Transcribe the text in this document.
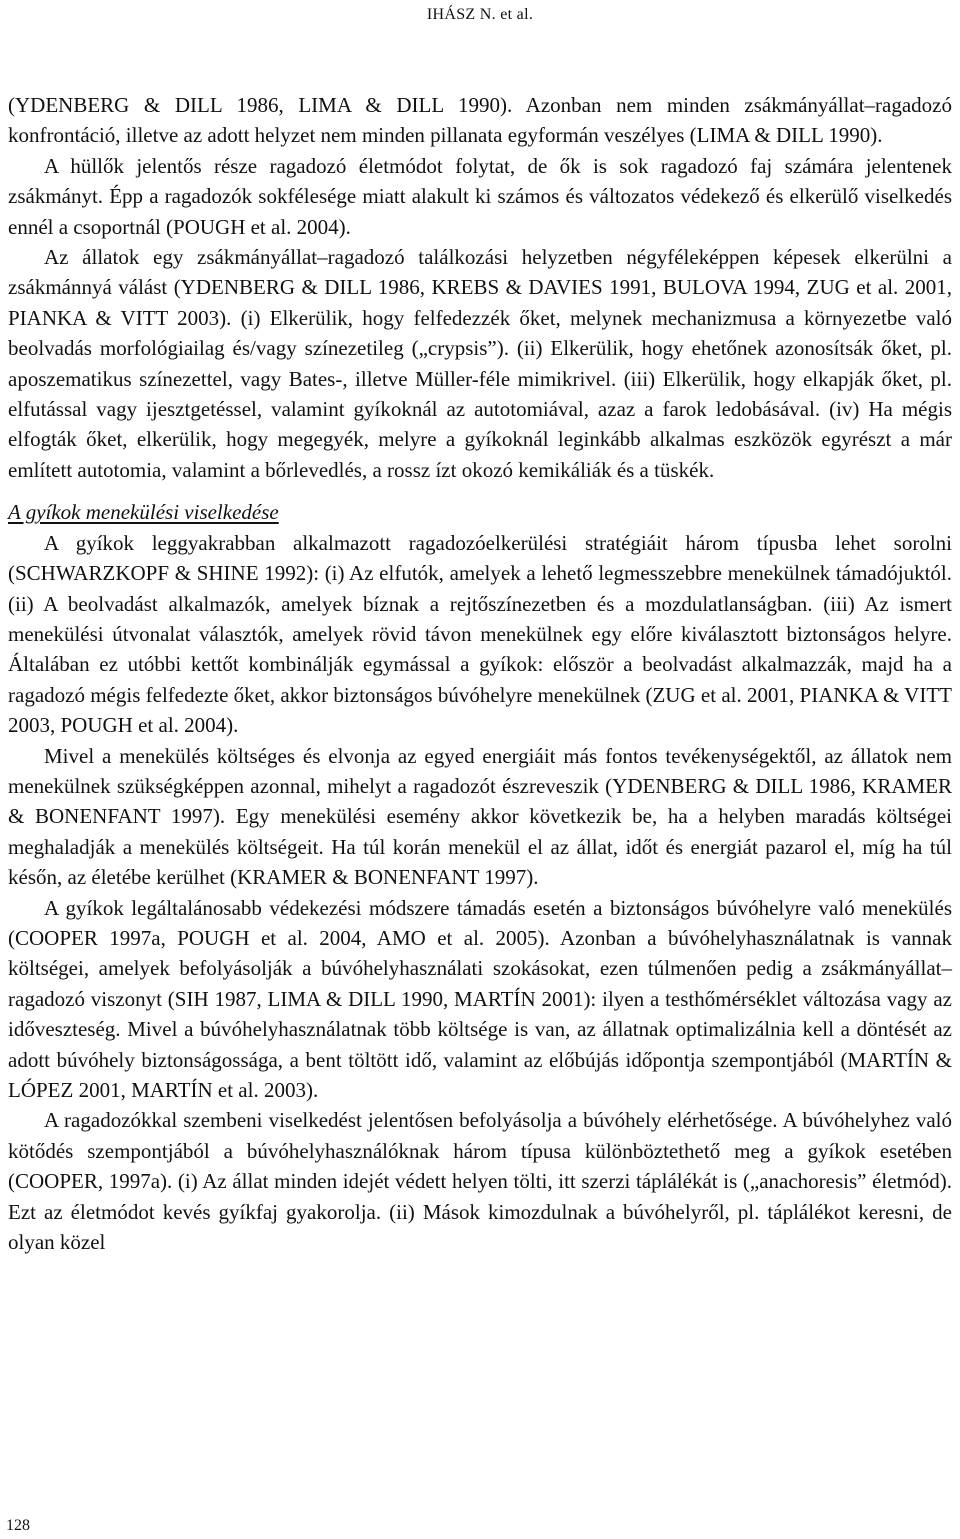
IHÁSZ N. et al.

(YDENBERG & DILL 1986, LIMA & DILL 1990). Azonban nem minden zsákmányállat–ragadozó konfrontáció, illetve az adott helyzet nem minden pillanata egyformán veszélyes (LIMA & DILL 1990).

A hüllők jelentős része ragadozó életmódot folytat, de ők is sok ragadozó faj számára jelentenek zsákmányt. Épp a ragadozók sokfélesége miatt alakult ki számos és változatos védekező és elkerülő viselkedés ennél a csoportnál (POUGH et al. 2004).

Az állatok egy zsákmányállat–ragadozó találkozási helyzetben négyféleképpen képesek elkerülni a zsákmánnyá válást (YDENBERG & DILL 1986, KREBS & DAVIES 1991, BULOVA 1994, ZUG et al. 2001, PIANKA & VITT 2003). (i) Elkerülik, hogy felfedezzék őket, melynek mechanizmusa a környezetbe való beolvadás morfológiailag és/vagy színezetileg („crypsis”). (ii) Elkerülik, hogy ehetőnek azonosítsák őket, pl. aposzematikus színezettel, vagy Bates-, illetve Müller-féle mimikrivel. (iii) Elkerülik, hogy elkapják őket, pl. elfutással vagy ijesztgetéssel, valamint gyíkoknál az autotomiával, azaz a farok ledobásával. (iv) Ha mégis elfogták őket, elkerülik, hogy megegyék, melyre a gyíkoknál leginkább alkalmas eszközök egyrészt a már említett autotomia, valamint a bőrlevedlés, a rossz ízt okozó kemikáliák és a tüskék.

A gyíkok menekülési viselkedése

A gyíkok leggyakrabban alkalmazott ragadozóelkerülési stratégiáit három típusba lehet sorolni (SCHWARZKOPF & SHINE 1992): (i) Az elfutók, amelyek a lehető legmesszebbre menekülnek támadójuktól. (ii) A beolvadást alkalmazók, amelyek bíznak a rejtőszínezetben és a mozdulatlanságban. (iii) Az ismert menekülési útvonalat választók, amelyek rövid távon menekülnek egy előre kiválasztott biztonságos helyre. Általában ez utóbbi kettőt kombinálják egymással a gyíkok: először a beolvadást alkalmazzák, majd ha a ragadozó mégis felfedezte őket, akkor biztonságos búvóhelyre menekülnek (ZUG et al. 2001, PIANKA & VITT 2003, POUGH et al. 2004).

Mivel a menekülés költséges és elvonja az egyed energiáit más fontos tevékenységektől, az állatok nem menekülnek szükségképpen azonnal, mihelyt a ragadozót észreveszik (YDENBERG & DILL 1986, KRAMER & BONENFANT 1997). Egy menekülési esemény akkor következik be, ha a helyben maradás költségei meghaladják a menekülés költségeit. Ha túl korán menekül el az állat, időt és energiát pazarol el, míg ha túl későn, az életébe kerülhet (KRAMER & BONENFANT 1997).

A gyíkok legáltalánosabb védekezési módszere támadás esetén a biztonságos búvóhelyre való menekülés (COOPER 1997a, POUGH et al. 2004, AMO et al. 2005). Azonban a búvóhelyhasználatnak is vannak költségei, amelyek befolyásolják a búvóhelyhasználati szokásokat, ezen túlmenően pedig a zsákmányállat–ragadozó viszonyt (SIH 1987, LIMA & DILL 1990, MARTÍN 2001): ilyen a testhőmérséklet változása vagy az időveszteség. Mivel a búvóhelyhasználatnak több költsége is van, az állatnak optimalizálnia kell a döntését az adott búvóhely biztonságossága, a bent töltött idő, valamint az előbújás időpontja szempontjából (MARTÍN & LÓPEZ 2001, MARTÍN et al. 2003).

A ragadozókkal szembeni viselkedést jelentősen befolyásolja a búvóhely elérhetősége. A búvóhelyhez való kötődés szempontjából a búvóhelyhasználóknak három típusa különböztethető meg a gyíkok esetében (COOPER, 1997a). (i) Az állat minden idejét védett helyen tölti, itt szerzi táplálékát is („anachoresis” életmód). Ezt az életmódot kevés gyíkfaj gyakorolja. (ii) Mások kimozdulnak a búvóhelyről, pl. táplálékot keresni, de olyan közel

128
